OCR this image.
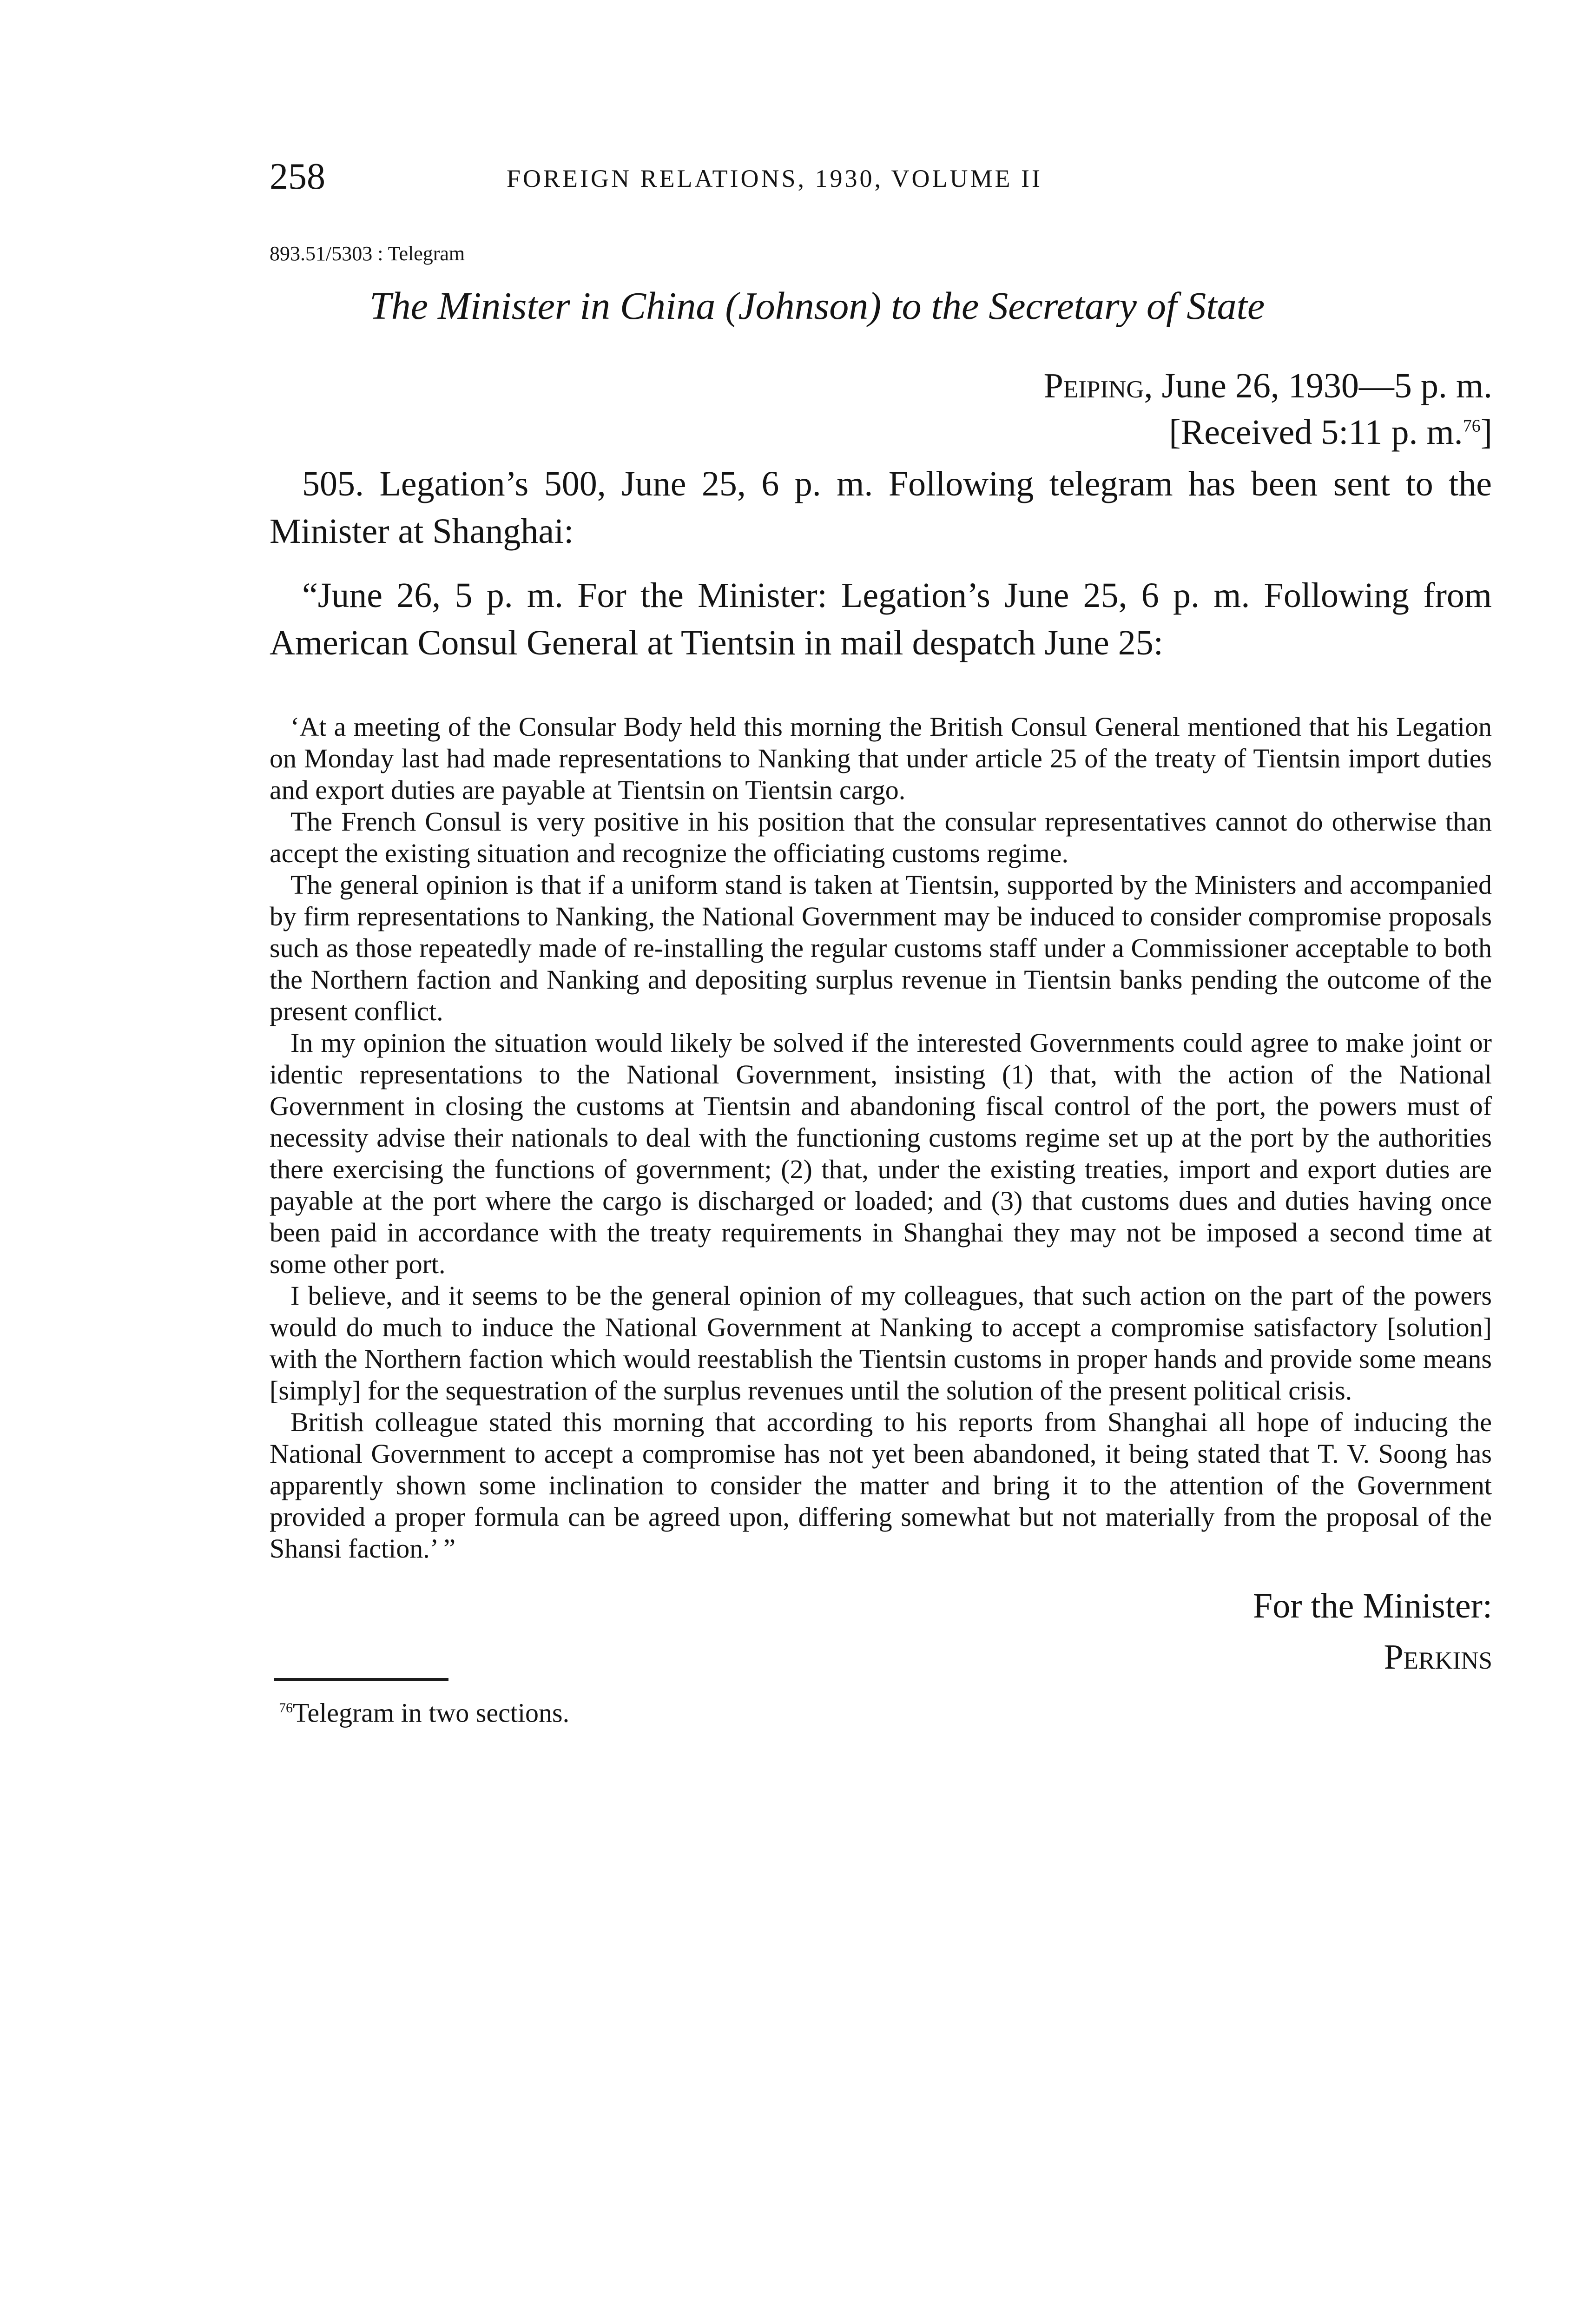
258	FOREIGN RELATIONS, 1930, VOLUME II
893.51/5303 : Telegram
The Minister in China (Johnson) to the Secretary of State
Peiping, June 26, 1930—5 p. m.
[Received 5:11 p. m.$^{76}$]

505. Legation’s 500, June 25, 6 p. m. Following telegram has been sent to the Minister at Shanghai:

“June 26, 5 p. m. For the Minister: Legation’s June 25, 6 p. m. Following from American Consul General at Tientsin in mail despatch June 25:

‘At a meeting of the Consular Body held this morning the British Consul General mentioned that his Legation on Monday last had made representations to Nanking that under article 25 of the treaty of Tientsin import duties and export duties are payable at Tientsin on Tientsin cargo.

The French Consul is very positive in his position that the consular representatives cannot do otherwise than accept the existing situation and recognize the officiating customs regime.

The general opinion is that if a uniform stand is taken at Tientsin, supported by the Ministers and accompanied by firm representations to Nanking, the National Government may be induced to consider compromise proposals such as those repeatedly made of re-installing the regular customs staff under a Commissioner acceptable to both the Northern faction and Nanking and depositing surplus revenue in Tientsin banks pending the outcome of the present conflict.

In my opinion the situation would likely be solved if the interested Governments could agree to make joint or identic representations to the National Government, insisting (1) that, with the action of the National Government in closing the customs at Tientsin and abandoning fiscal control of the port, the powers must of necessity advise their nationals to deal with the functioning customs regime set up at the port by the authorities there exercising the functions of government; (2) that, under the existing treaties, import and export duties are payable at the port where the cargo is discharged or loaded; and (3) that customs dues and duties having once been paid in accordance with the treaty requirements in Shanghai they may not be imposed a second time at some other port.

I believe, and it seems to be the general opinion of my colleagues, that such action on the part of the powers would do much to induce the National Government at Nanking to accept a compromise satisfactory [solution] with the Northern faction which would reestablish the Tientsin customs in proper hands and provide some means [simply] for the sequestration of the surplus revenues until the solution of the present political crisis.

British colleague stated this morning that according to his reports from Shanghai all hope of inducing the National Government to accept a compromise has not yet been abandoned, it being stated that T. V. Soong has apparently shown some inclination to consider the matter and bring it to the attention of the Government provided a proper formula can be agreed upon, differing somewhat but not materially from the proposal of the Shansi faction.’ ”

For the Minister:
Perkins
$^{76}$Telegram in two sections.
